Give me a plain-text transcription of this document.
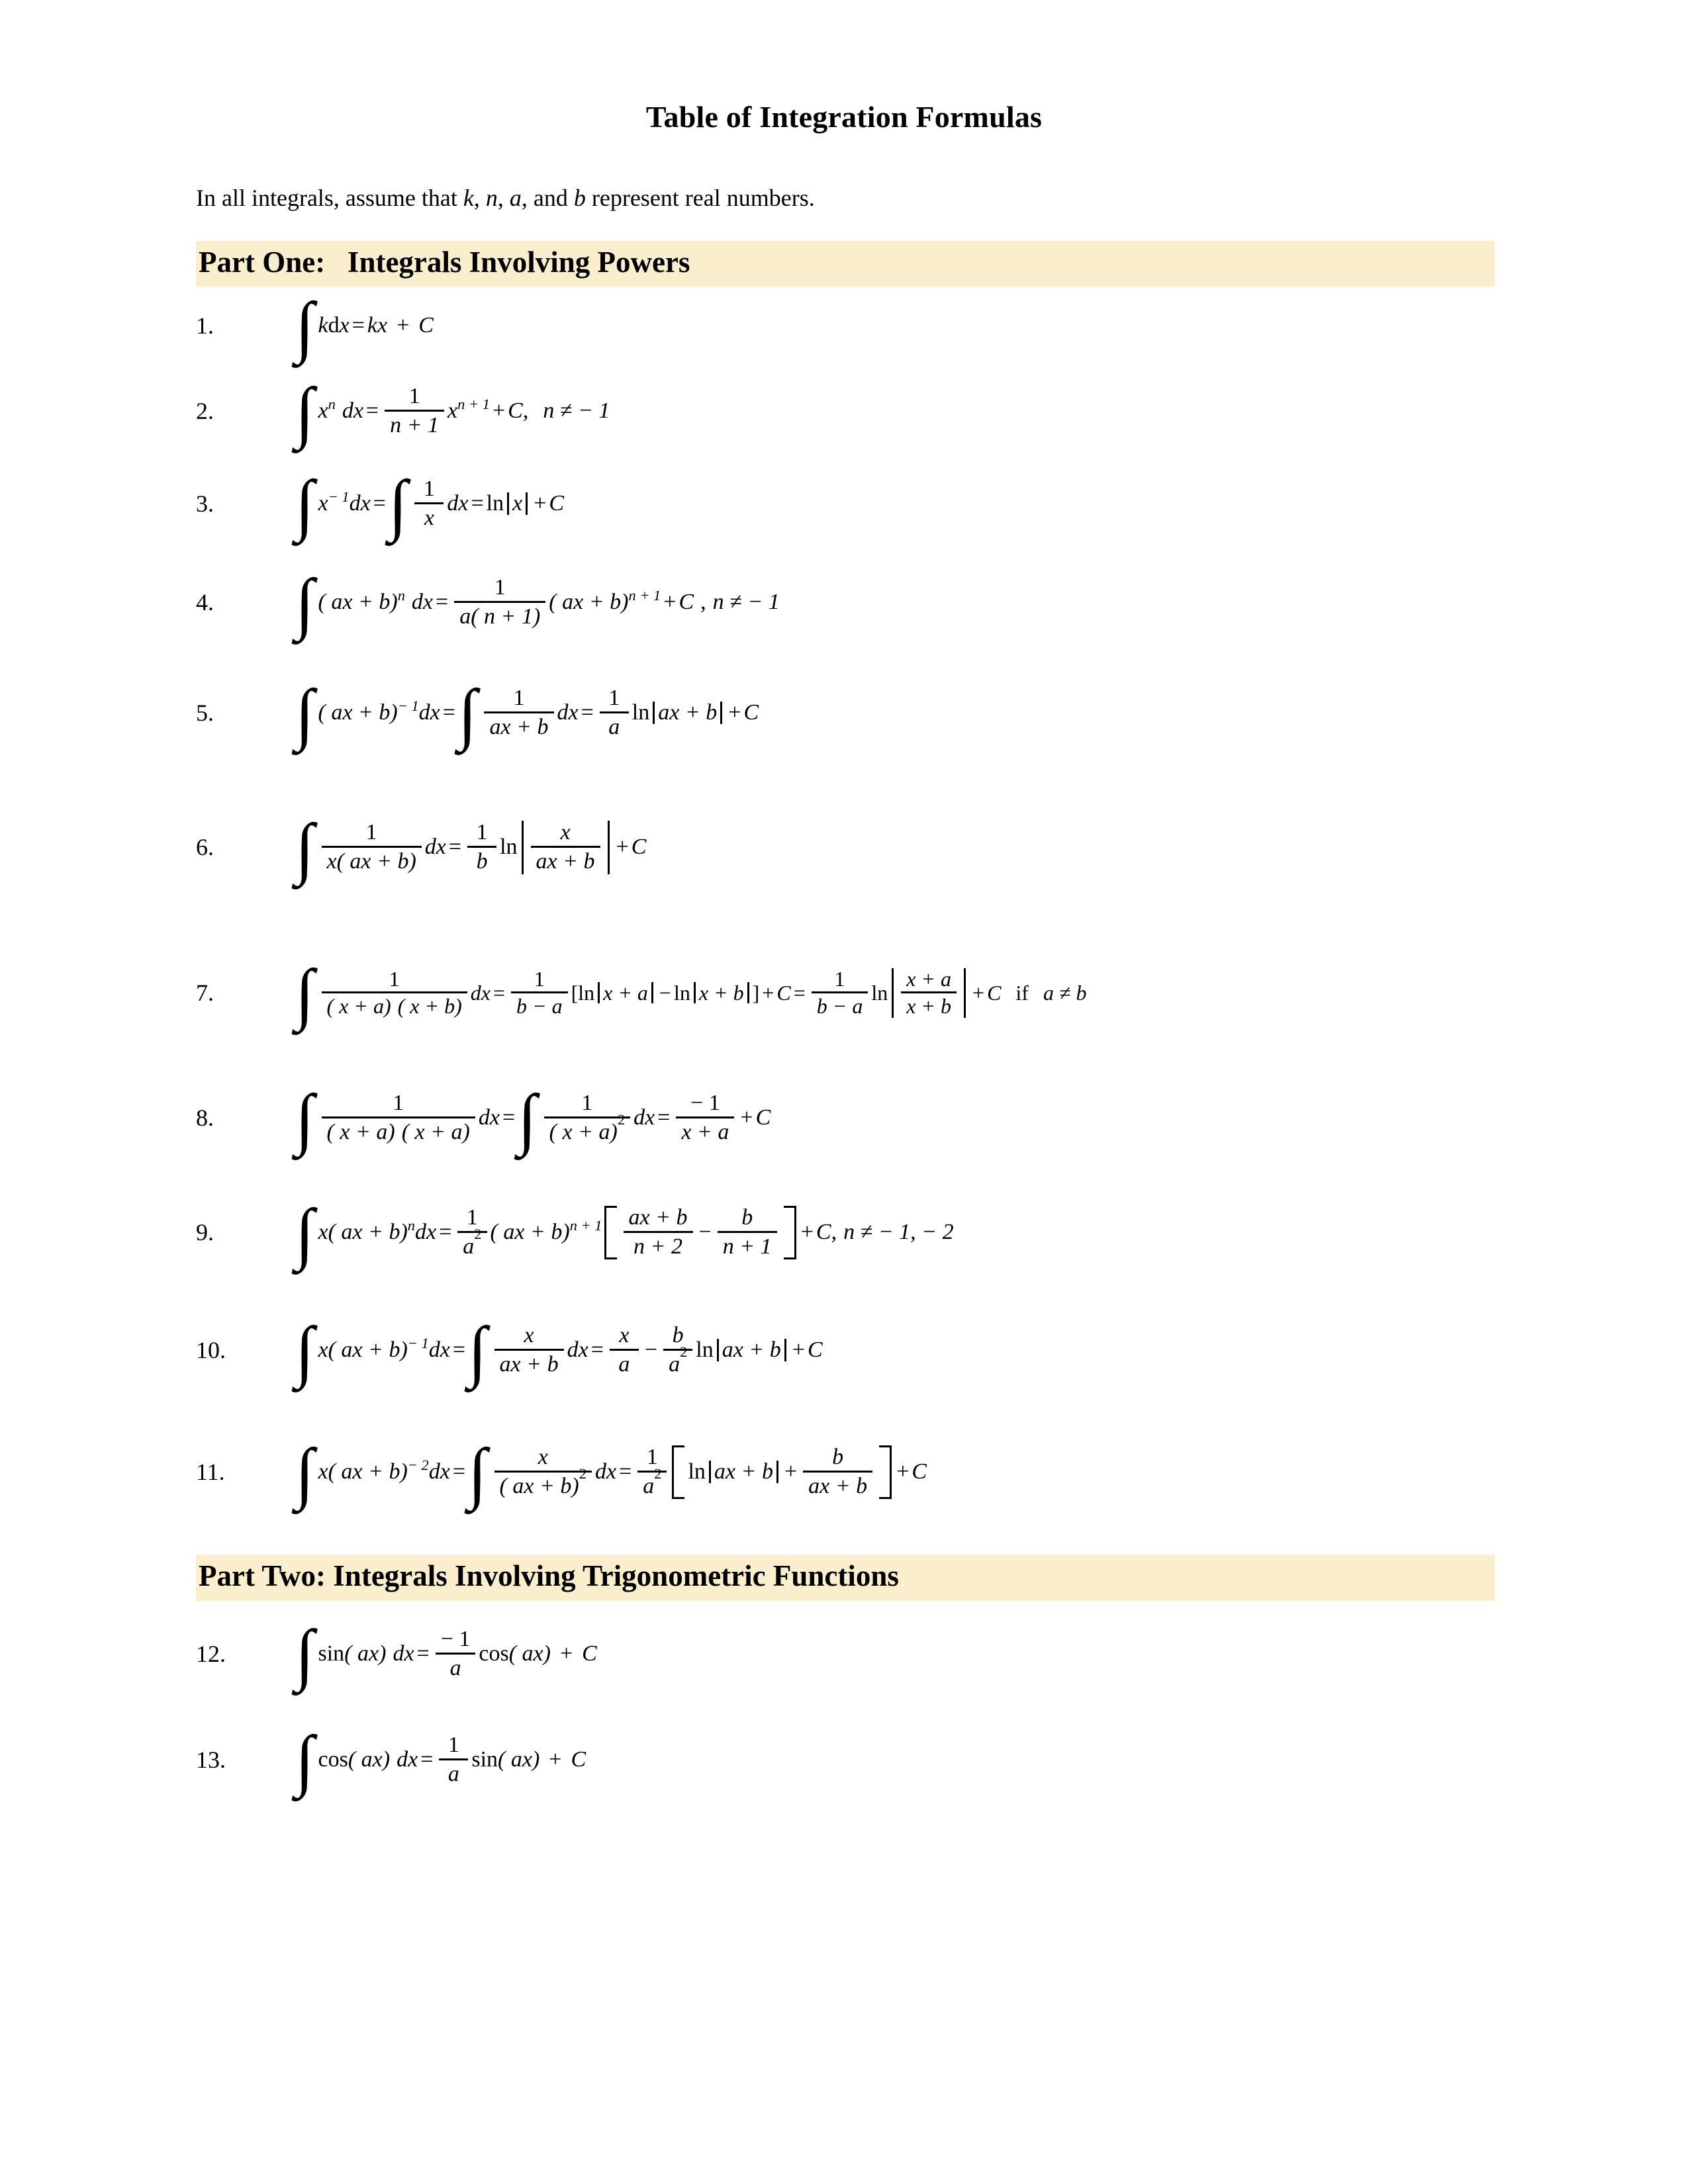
Table of Integration Formulas

In all integrals, assume that k, n, a, and b represent real numbers.

Part One:   Integrals Involving Powers
1.	∫ k d x = kx + C
2.	∫ x n dx = $\frac{1}{n + 1}$ x n + 1 + C , n ≠ − 1
3.	∫ x − 1 dx = ∫ $\frac{1}{x}$ dx = ln x + C
4.	∫ ( ax + b) n dx = $\frac{1}{a( n + 1)}$ ( ax + b) n + 1 + C , n ≠ − 1
5.	∫ ( ax + b) − 1 dx = ∫ $\frac{1}{ax + b}$ dx = $\frac{1}{a}$ ln ax + b + C
6.	∫ $\frac{1}{x( ax + b)}$ dx = $\frac{1}{b}$ $\ln \frac{x}{ax + b} + C$
7.	∫ $\frac{1}{( x + a) ( x + b)}$ dx = $\frac{1}{b - a}$ [ ln x + a − ln x + b ] + $C = \frac{1}{b - a}$ $\ln \frac{x + a}{x + b} + C$ if a ≠ b
8.	∫ $\frac{1}{( x + a) ( x + a)}$ dx = ∫ $\frac{1}{( x + a)^2}$ dx = $\frac{- 1}{x + a} + C$
9.	∫ x ( ax + b) n dx = $\frac{1}{a^2}$ ( ax + b) $n + 1 \frac{ax + b}{n + 2} - \frac{b}{n + 1} + C$ , n ≠ − 1, − 2
10.	∫ x ( ax + b) − 1 dx = ∫ $\frac{x}{ax + b}$ dx = $\frac{x}{a} - \frac{b}{a^2}$ ln ax + b + C
11.	∫ x ( ax + b) − 2 dx = ∫ $\frac{x}{( ax + b)^2}$ dx = $\frac{1}{a^2}$ ln ax + $b + \frac{b}{ax + b} + C$
Part Two: Integrals Involving Trigonometric Functions
12.	∫ sin ( ax) dx = $\frac{- 1}{a}$ cos ( ax) + C
13.	∫ cos ( ax) dx = $\frac{1}{a}$ sin ( ax) + C
